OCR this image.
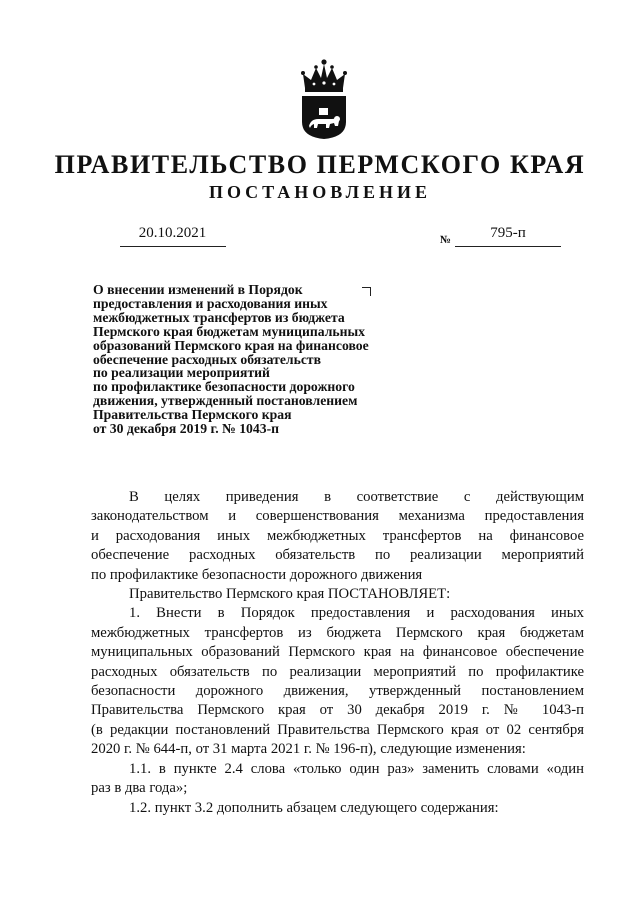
ПРАВИТЕЛЬСТВО ПЕРМСКОГО КРАЯ
ПОСТАНОВЛЕНИЕ
20.10.2021	№	795-п
О внесении изменений в Порядок
предоставления и расходования иных
межбюджетных трансфертов из бюджета
Пермского края бюджетам муниципальных
образований Пермского края на финансовое
обеспечение расходных обязательств
по реализации мероприятий
по профилактике безопасности дорожного
движения, утвержденный постановлением
Правительства Пермского края
от 30 декабря 2019 г. № 1043-п
В целях приведения в соответствие с действующим
законодательством и совершенствования механизма предоставления
и расходования иных межбюджетных трансфертов на финансовое
обеспечение расходных обязательств по реализации мероприятий
по профилактике безопасности дорожного движения
Правительство Пермского края ПОСТАНОВЛЯЕТ:
1. Внести в Порядок предоставления и расходования иных
межбюджетных трансфертов из бюджета Пермского края бюджетам
муниципальных образований Пермского края на финансовое обеспечение
расходных обязательств по реализации мероприятий по профилактике
безопасности дорожного движения, утвержденный постановлением
Правительства Пермского края от 30 декабря 2019 г. № 1043-п
(в редакции постановлений Правительства Пермского края от 02 сентября
2020 г. № 644-п, от 31 марта 2021 г. № 196-п), следующие изменения:
1.1. в пункте 2.4 слова «только один раз» заменить словами «один
раз в два года»;
1.2. пункт 3.2 дополнить абзацем следующего содержания:
